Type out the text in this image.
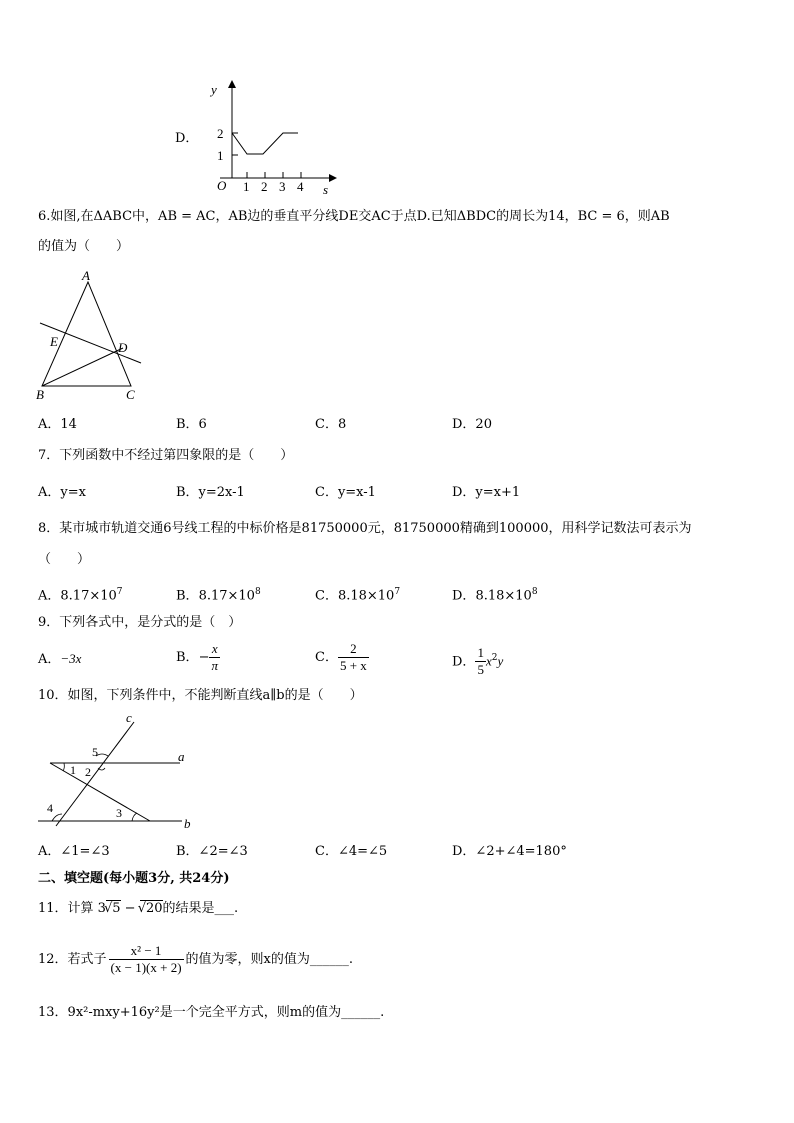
D．
y
s
O
2
1
1 2 3 4
6.如图,在ΔABC中，AB = AC，AB边的垂直平分线DE交AC于点D.已知ΔBDC的周长为14，BC = 6，则AB
的值为（　　）
A
B	C
D
E
A．14	B．6	C．8	D．20
7．下列函数中不经过第四象限的是（　　）
A．y=x	B．y=2x-1	C．y=x-1	D．y=x+1
8．某市城市轨道交通6号线工程的中标价格是81750000元，81750000精确到100000，用科学记数法可表示为
（　　）
A．$8.17\times 10^7$	B．$8.17\times 10^8$	C．$8.18\times 10^7$	D．$8.18\times 10^8$
9．下列各式中，是分式的是（　）
A．−3x	B．− $\frac{x}{\pi}$	C． $\frac{2}{5 + x}$	D． $\frac{1}{5} x^2y$
10．如图，下列条件中，不能判断直线a∥b的是（　　）
c
a
b
1 2
3
4
5
A．∠1=∠3	B．∠2=∠3	C．∠4=∠5	D．∠2+∠4=180°
二、填空题(每小题3分, 共24分)
11．计算 3√5 − √20的结果是___.
12．若式子 $\frac{\text{x² − 1}}{(x - 1)(x + 2)}$ 的值为零，则x的值为______.
13．9x²-mxy+16y²是一个完全平方式，则m的值为______.
